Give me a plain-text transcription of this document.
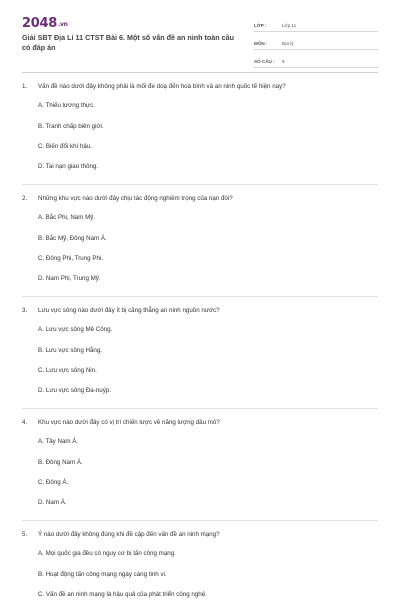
2048.vn
Giải SBT Địa Lí 11 CTST Bài 6. Một số vấn đề an ninh toàn cầu có đáp án
LỚP :	Lớp 11
MÔN :	Địa lý
SỐ CÂU :	9
1.	Vấn đề nào dưới đây không phải là mối đe doạ đến hoà bình và an ninh quốc tế hiện nay?
A. Thiếu lương thực.
B. Tranh chấp biên giới.
C. Biến đổi khí hậu.
D. Tai nạn giao thông.
2.	Những khu vực nào dưới đây chịu tác động nghiêm trọng của nạn đói?
A. Bắc Phi, Nam Mỹ.
B. Bắc Mỹ, Đông Nam Á.
C. Đông Phi, Trung Phi.
D. Nam Phi, Trung Mỹ.
3.	Lưu vực sông nào dưới đây ít bị căng thẳng an ninh nguồn nước?
A. Lưu vực sông Mê Công.
B. Lưu vực sông Hằng.
C. Lưu vực sông Nin.
D. Lưu vực sông Đa-nuýp.
4.	Khu vực nào dưới đây có vị trí chiến lược về năng lượng dầu mỏ?
A. Tây Nam Á.
B. Đông Nam Á.
C. Đông Á.
D. Nam Á.
5.	Ý nào dưới đây không đúng khi đề cập đến vấn đề an ninh mạng?
A. Mọi quốc gia đều có nguy cơ bị tấn công mạng.
B. Hoạt động tấn công mạng ngày càng tinh vi.
C. Vấn đề an ninh mạng là hậu quả của phát triển công nghệ.
